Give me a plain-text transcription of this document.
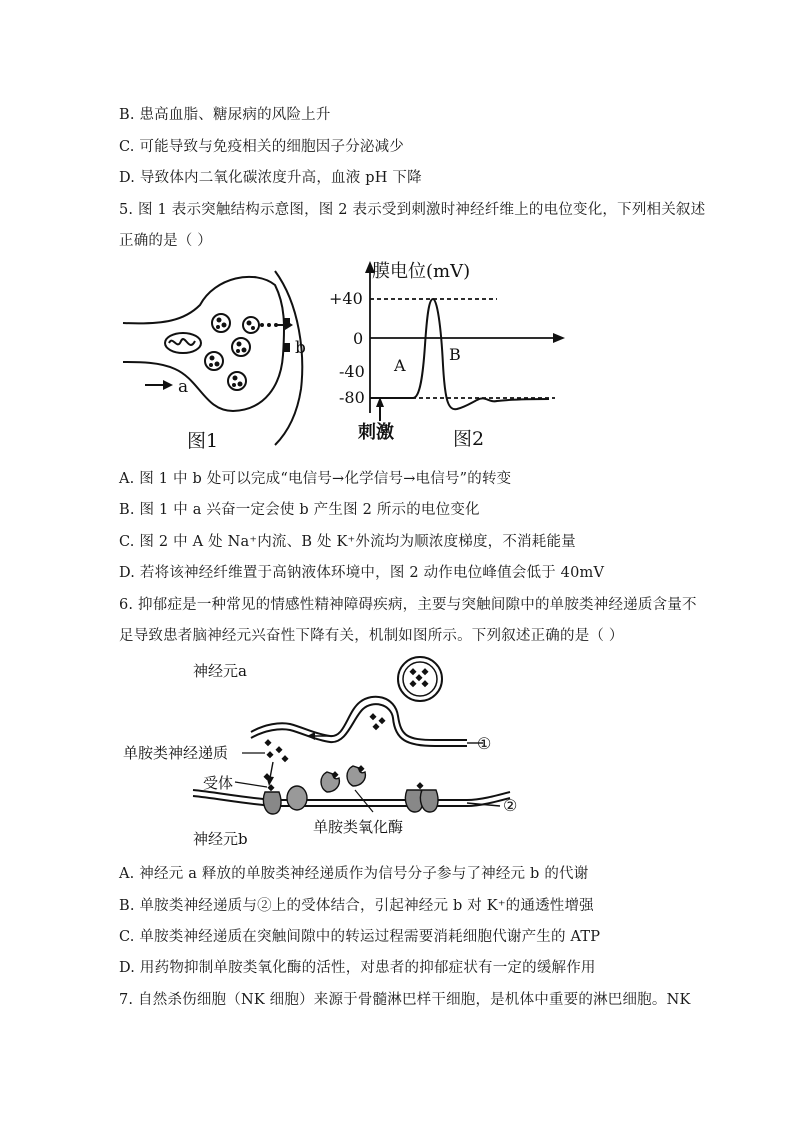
B. 患高血脂、糖尿病的风险上升
C. 可能导致与免疫相关的细胞因子分泌减少
D. 导致体内二氧化碳浓度升高，血液 pH 下降
5. 图 1 表示突触结构示意图，图 2 表示受到刺激时神经纤维上的电位变化，下列相关叙述
正确的是（ ）
a
b
图1
膜电位(mV)
+40
0
-40
-80
A
B
刺激	图2
A. 图 1 中 b 处可以完成“电信号→化学信号→电信号”的转变
B. 图 1 中 a 兴奋一定会使 b 产生图 2 所示的电位变化
C. 图 2 中 A 处 Na⁺内流、B 处 K⁺外流均为顺浓度梯度，不消耗能量
D. 若将该神经纤维置于高钠液体环境中，图 2 动作电位峰值会低于 40mV
6. 抑郁症是一种常见的情感性精神障碍疾病，主要与突触间隙中的单胺类神经递质含量不
足导致患者脑神经元兴奋性下降有关，机制如图所示。下列叙述正确的是（ ）
神经元a
①
单胺类神经递质
受体
②
单胺类氧化酶
神经元b
A. 神经元 a 释放的单胺类神经递质作为信号分子参与了神经元 b 的代谢
B. 单胺类神经递质与②上的受体结合，引起神经元 b 对 K⁺的通透性增强
C. 单胺类神经递质在突触间隙中的转运过程需要消耗细胞代谢产生的 ATP
D. 用药物抑制单胺类氧化酶的活性，对患者的抑郁症状有一定的缓解作用
7. 自然杀伤细胞（NK 细胞）来源于骨髓淋巴样干细胞，是机体中重要的淋巴细胞。NK
